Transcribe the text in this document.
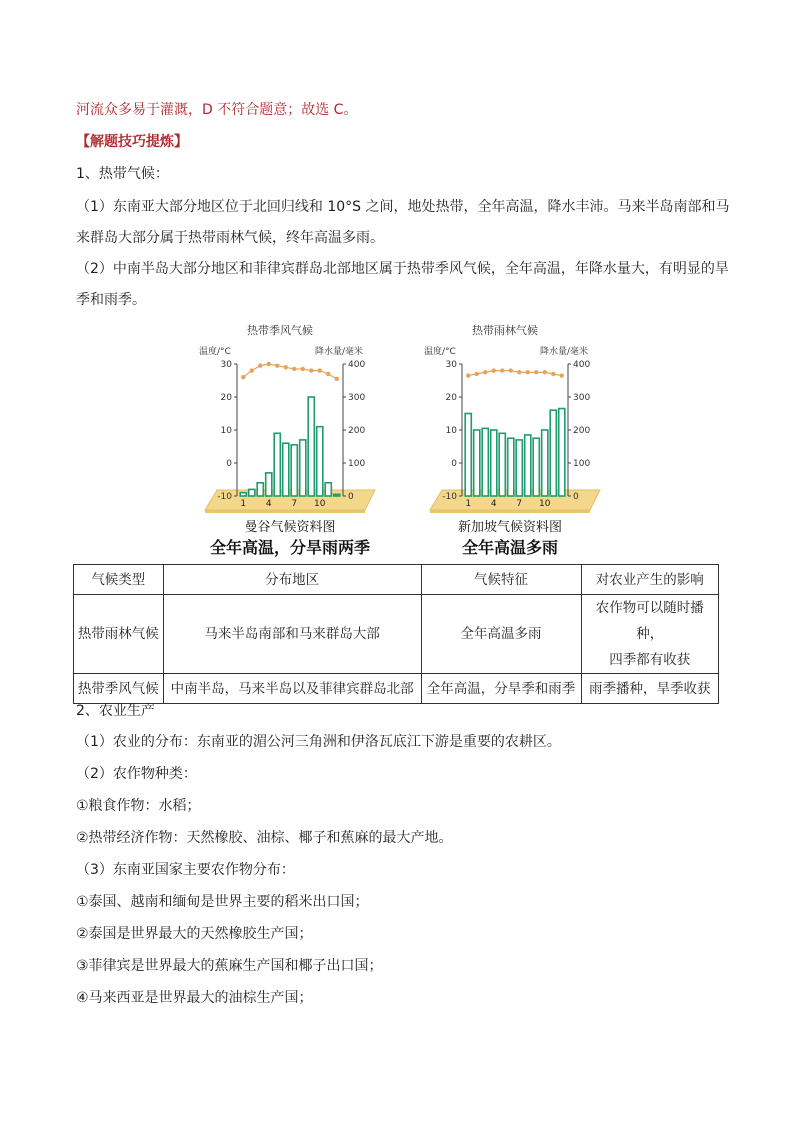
河流众多易于灌溉，D 不符合题意；故选 C。
【解题技巧提炼】
1、热带气候：
（1）东南亚大部分地区位于北回归线和 10°S 之间，地处热带，全年高温，降水丰沛。马来半岛南部和马
来群岛大部分属于热带雨林气候，终年高温多雨。
（2）中南半岛大部分地区和菲律宾群岛北部地区属于热带季风气候，全年高温，年降水量大，有明显的旱
季和雨季。
热带季风气候
温度/°C	降水量/毫米
30
20
10
0
-10
400
300
200
100
0
1 4 7 10
曼谷气候资料图
全年高温，分旱雨两季
热带雨林气候
温度/°C	降水量/毫米
30
20
10
0
-10
400
300
200
100
0
1 4 7 10
新加坡气候资料图
全年高温多雨
气候类型	分布地区	气候特征	对农业产生的影响
热带雨林气候	马来半岛南部和马来群岛大部	全年高温多雨	农作物可以随时播种，
四季都有收获

热带季风气候	中南半岛，马来半岛以及菲律宾群岛北部	全年高温，分旱季和雨季	雨季播种，旱季收获
2、农业生产
（1）农业的分布：东南亚的湄公河三角洲和伊洛瓦底江下游是重要的农耕区。
（2）农作物种类：
①粮食作物：水稻；
②热带经济作物：天然橡胶、油棕、椰子和蕉麻的最大产地。
（3）东南亚国家主要农作物分布：
①泰国、越南和缅甸是世界主要的稻米出口国；
②泰国是世界最大的天然橡胶生产国；
③菲律宾是世界最大的蕉麻生产国和椰子出口国；
④马来西亚是世界最大的油棕生产国；
